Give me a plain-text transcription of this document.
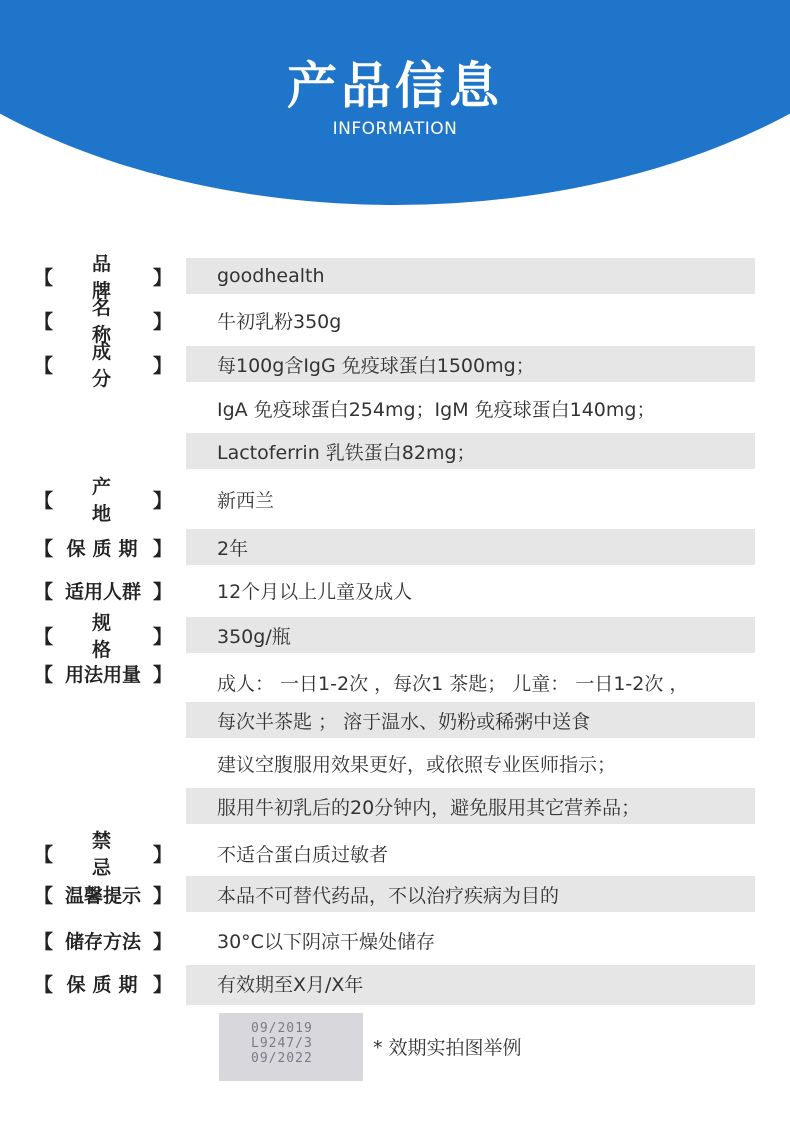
产品信息
INFORMATION
【
品牌
】 goodhealth
【
名称
】 牛初乳粉350g
【
成分
】 每100g含IgG 免疫球蛋白1500mg；
IgA 免疫球蛋白254mg；IgM 免疫球蛋白140mg；
Lactoferrin 乳铁蛋白82mg；
【
产地
】 新西兰
【 保质期 】 2年
【 适用人群 】 12个月以上儿童及成人
【
规格
】 350g/瓶
【 用法用量 】 成人： 一日1-2次 ，每次1 茶匙； 儿童： 一日1-2次 ，
每次半茶匙 ； 溶于温水、奶粉或稀粥中送食
建议空腹服用效果更好，或依照专业医师指示；
服用牛初乳后的20分钟内，避免服用其它营养品；
【
禁忌
】 不适合蛋白质过敏者
【 温馨提示 】 本品不可替代药品，不以治疗疾病为目的
【 储存方法 】 30°C以下阴凉干燥处储存
【 保质期 】 有效期至X月/X年
09/2019
L9247/3
09/2022	* 效期实拍图举例
